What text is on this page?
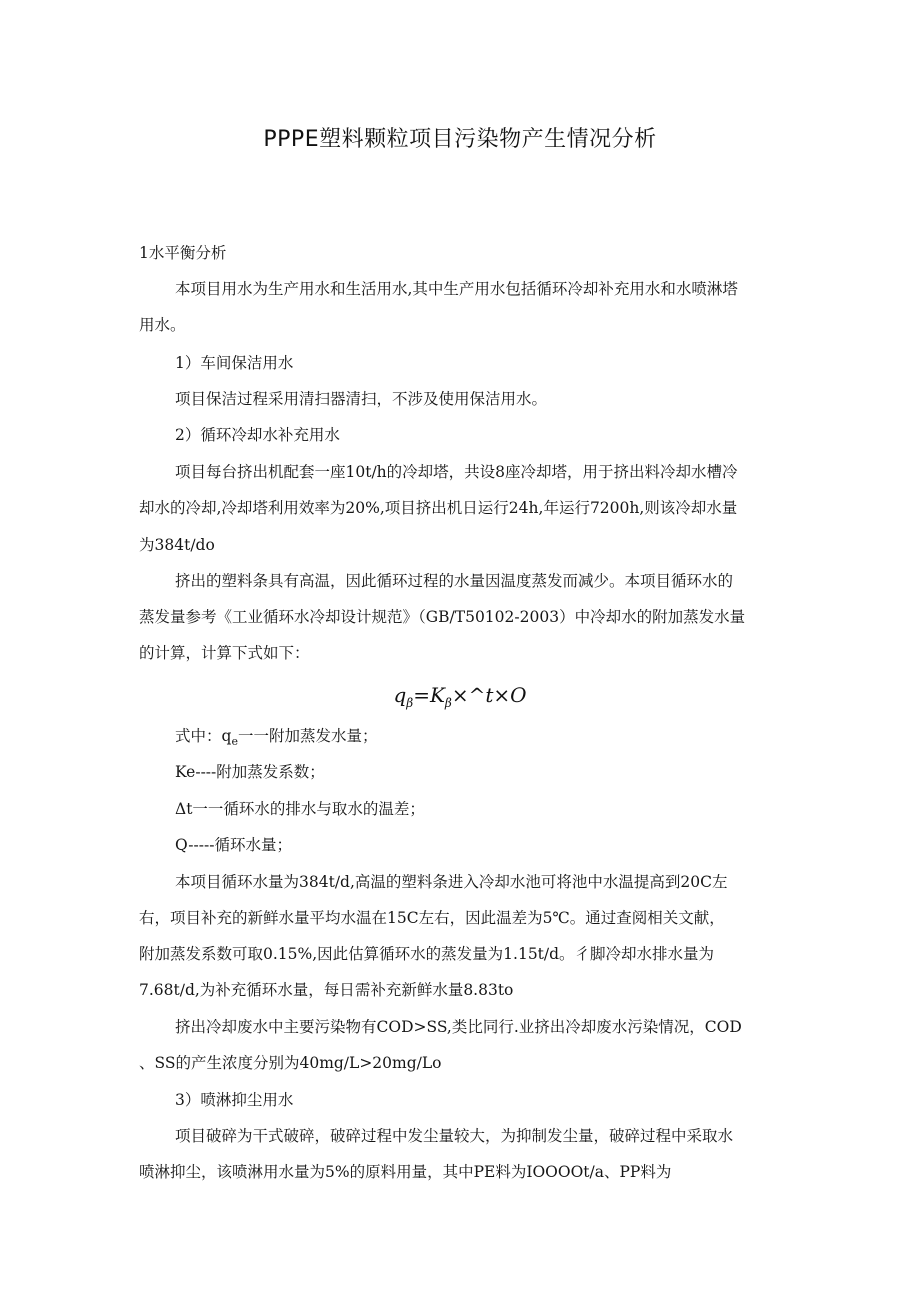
PPPE塑料颗粒项目污染物产生情况分析
1水平衡分析
本项目用水为生产用水和生活用水,其中生产用水包括循环冷却补充用水和水喷淋塔
用水。
1）车间保洁用水
项目保洁过程采用清扫器清扫，不涉及使用保洁用水。
2）循环冷却水补充用水
项目每台挤出机配套一座10t∕h的冷却塔，共设8座冷却塔，用于挤出料冷却水槽冷
却水的冷却,冷却塔利用效率为20%,项目挤出机日运行24h,年运行7200h,则该冷却水量
为384t∕do
挤出的塑料条具有高温，因此循环过程的水量因温度蒸发而减少。本项目循环水的
蒸发量参考《工业循环水冷却设计规范》（GB/T50102-2003）中冷却水的附加蒸发水量
的计算，计算下式如下：
$q_\beta=K_\beta\times\^{}t\times O$
式中：$q_e$一一附加蒸发水量；
Ke----附加蒸发系数；
Δt一一循环水的排水与取水的温差；
Q-----循环水量；
本项目循环水量为384t∕d,高温的塑料条进入冷却水池可将池中水温提高到20C左
右，项目补充的新鲜水量平均水温在15C左右，因此温差为5℃。通过查阅相关文献，
附加蒸发系数可取0.15%,因此估算循环水的蒸发量为1.15t∕d。彳脚冷却水排水量为
7.68t∕d,为补充循环水量，每日需补充新鲜水量8.83to
挤出冷却废水中主要污染物有COD>SS,类比同行.业挤出冷却废水污染情况，COD
、SS的产生浓度分别为40mg∕L>20mg∕Lo
3）喷淋抑尘用水
项目破碎为干式破碎，破碎过程中发尘量较大，为抑制发尘量，破碎过程中采取水
喷淋抑尘，该喷淋用水量为5%的原料用量，其中PE料为IOOOOt/a、PP料为
